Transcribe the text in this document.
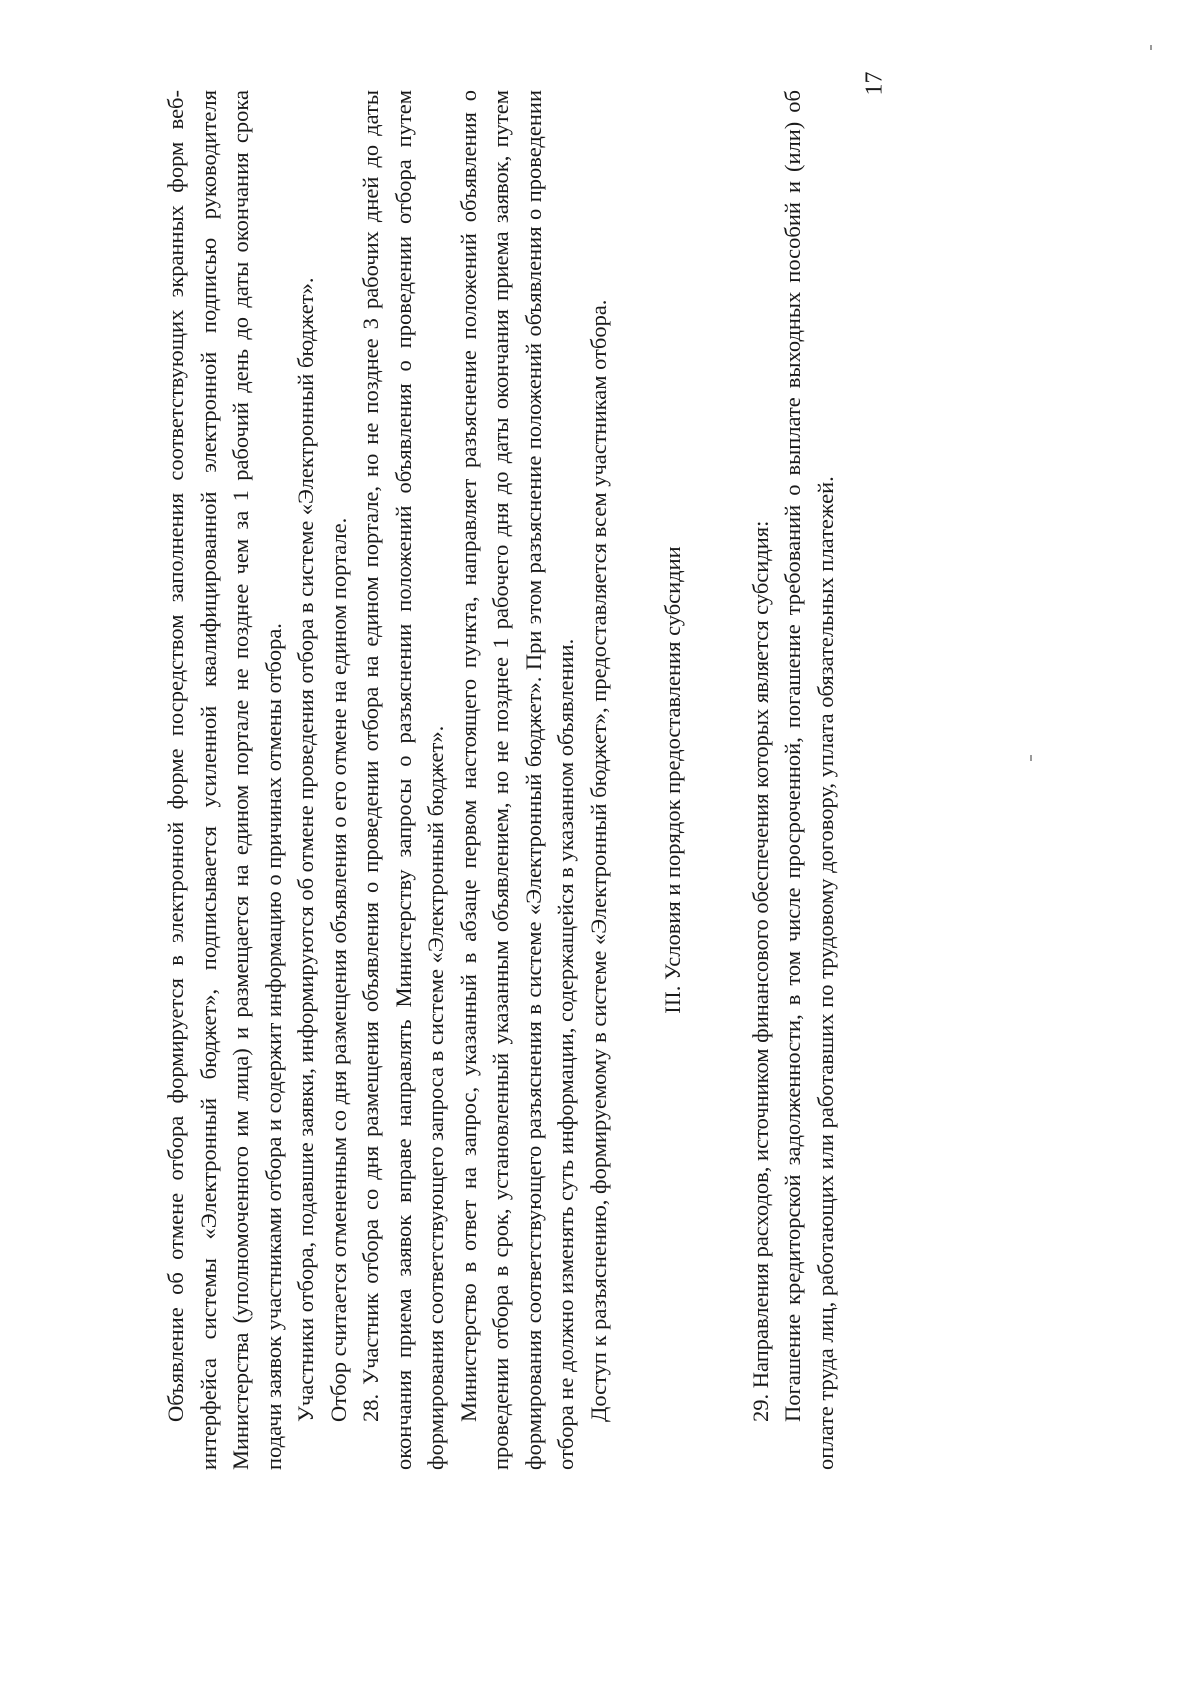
17

Объявление об отмене отбора формируется в электронной форме посредством заполнения соответствующих экранных форм веб-интерфейса системы «Электронный бюджет», подписывается усиленной квалифицированной электронной подписью руководителя Министерства (уполномоченного им лица) и размещается на едином портале не позднее чем за 1 рабочий день до даты окончания срока подачи заявок участниками отбора и содержит информацию о причинах отмены отбора. Участники отбора, подавшие заявки, информируются об отмене проведения отбора в системе «Электронный бюджет». Отбор считается отмененным со дня размещения объявления о его отмене на едином портале. 28. Участник отбора со дня размещения объявления о проведении отбора на едином портале, но не позднее 3 рабочих дней до даты окончания приема заявок вправе направлять Министерству запросы о разъяснении положений объявления о проведении отбора путем формирования соответствующего запроса в системе «Электронный бюджет». Министерство в ответ на запрос, указанный в абзаце первом настоящего пункта, направляет разъяснение положений объявления о проведении отбора в срок, установленный указанным объявлением, но не позднее 1 рабочего дня до даты окончания приема заявок, путем формирования соответствующего разъяснения в системе «Электронный бюджет». При этом разъяснение положений объявления о проведении отбора не должно изменять суть информации, содержащейся в указанном объявлении. Доступ к разъяснению, формируемому в системе «Электронный бюджет», предоставляется всем участникам отбора. III. Условия и порядок предоставления субсидии	29. Направления расходов, источником финансового обеспечения которых является субсидия: Погашение кредиторской задолженности, в том числе просроченной, погашение требований о выплате выходных пособий и (или) об оплате труда лиц, работающих или работавших по трудовому договору, уплата обязательных платежей.
